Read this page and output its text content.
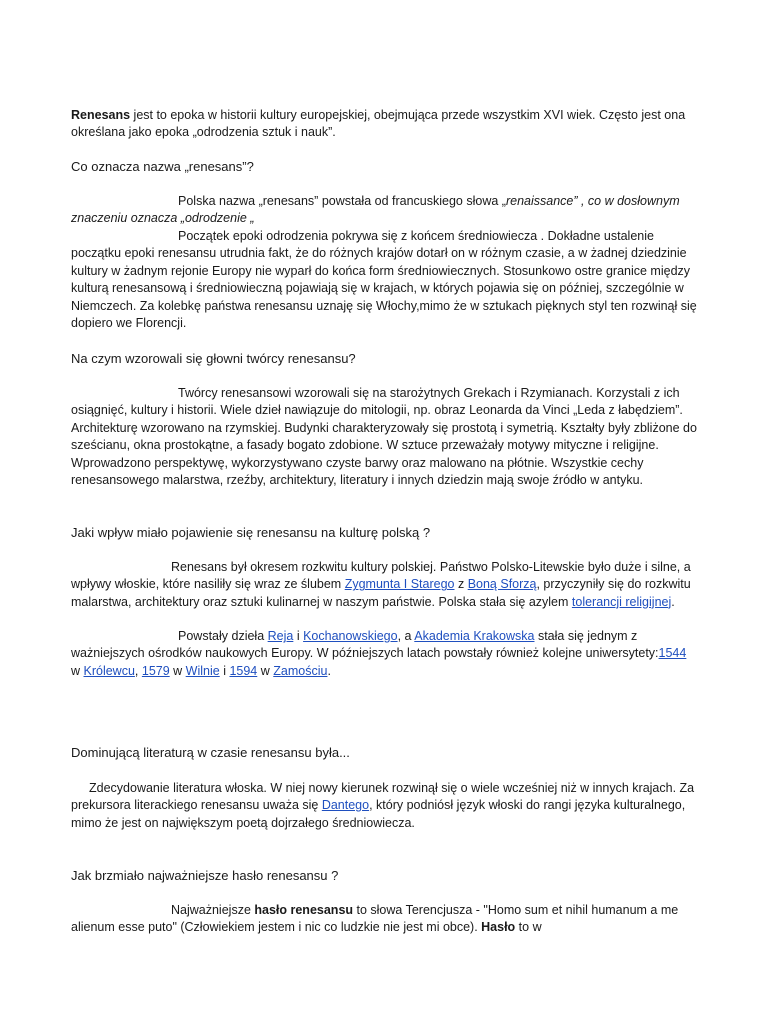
Renesans jest to epoka w historii kultury europejskiej, obejmująca przede wszystkim XVI wiek. Często jest ona określana jako epoka „odrodzenia sztuk i nauk”.

Co oznacza nazwa „renesans”?

Polska nazwa „renesans” powstała od francuskiego słowa „renaissance” , co w dosłownym znaczeniu oznacza „odrodzenie „

Początek epoki odrodzenia pokrywa się z końcem średniowiecza . Dokładne ustalenie początku epoki renesansu utrudnia fakt, że do różnych krajów dotarł on w różnym czasie, a w żadnej dziedzinie kultury w żadnym rejonie Europy nie wyparł do końca form średniowiecznych. Stosunkowo ostre granice między kulturą renesansową i średniowieczną pojawiają się w krajach, w których pojawia się on później, szczególnie w Niemczech. Za kolebkę państwa renesansu uznaję się Włochy,mimo że w sztukach pięknych styl ten rozwinął się dopiero we Florencji.

Na czym wzorowali się głowni twórcy renesansu?

Twórcy renesansowi wzorowali się na starożytnych Grekach i Rzymianach. Korzystali z ich osiągnięć, kultury i historii. Wiele dzieł nawiązuje do mitologii, np. obraz Leonarda da Vinci „Leda z łabędziem”. Architekturę wzorowano na rzymskiej. Budynki charakteryzowały się prostotą i symetrią. Kształty były zbliżone do sześcianu, okna prostokątne, a fasady bogato zdobione. W sztuce przeważały motywy mityczne i religijne. Wprowadzono perspektywę, wykorzystywano czyste barwy oraz malowano na płótnie. Wszystkie cechy renesansowego malarstwa, rzeźby, architektury, literatury i innych dziedzin mają swoje źródło w antyku.

Jaki wpływ miało pojawienie się renesansu na kulturę polską ?

Renesans był okresem rozkwitu kultury polskiej. Państwo Polsko-Litewskie było duże i silne, a wpływy włoskie, które nasiliły się wraz ze ślubem Zygmunta I Starego z Boną Sforzą, przyczyniły się do rozkwitu malarstwa, architektury oraz sztuki kulinarnej w naszym państwie. Polska stała się azylem tolerancji religijnej.

Powstały dzieła Reja i Kochanowskiego, a Akademia Krakowska stała się jednym z ważniejszych ośrodków naukowych Europy. W późniejszych latach powstały również kolejne uniwersytety:1544 w Królewcu, 1579 w Wilnie i 1594 w Zamościu.

Dominującą literaturą w czasie renesansu była...

Zdecydowanie literatura włoska. W niej nowy kierunek rozwinął się o wiele wcześniej niż w innych krajach. Za prekursora literackiego renesansu uważa się Dantego, który podniósł język włoski do rangi języka kulturalnego, mimo że jest on największym poetą dojrzałego średniowiecza.

Jak brzmiało najważniejsze hasło renesansu ?

Najważniejsze hasło renesansu to słowa Terencjusza - "Homo sum et nihil humanum a me alienum esse puto" (Człowiekiem jestem i nic co ludzkie nie jest mi obce). Hasło to w
